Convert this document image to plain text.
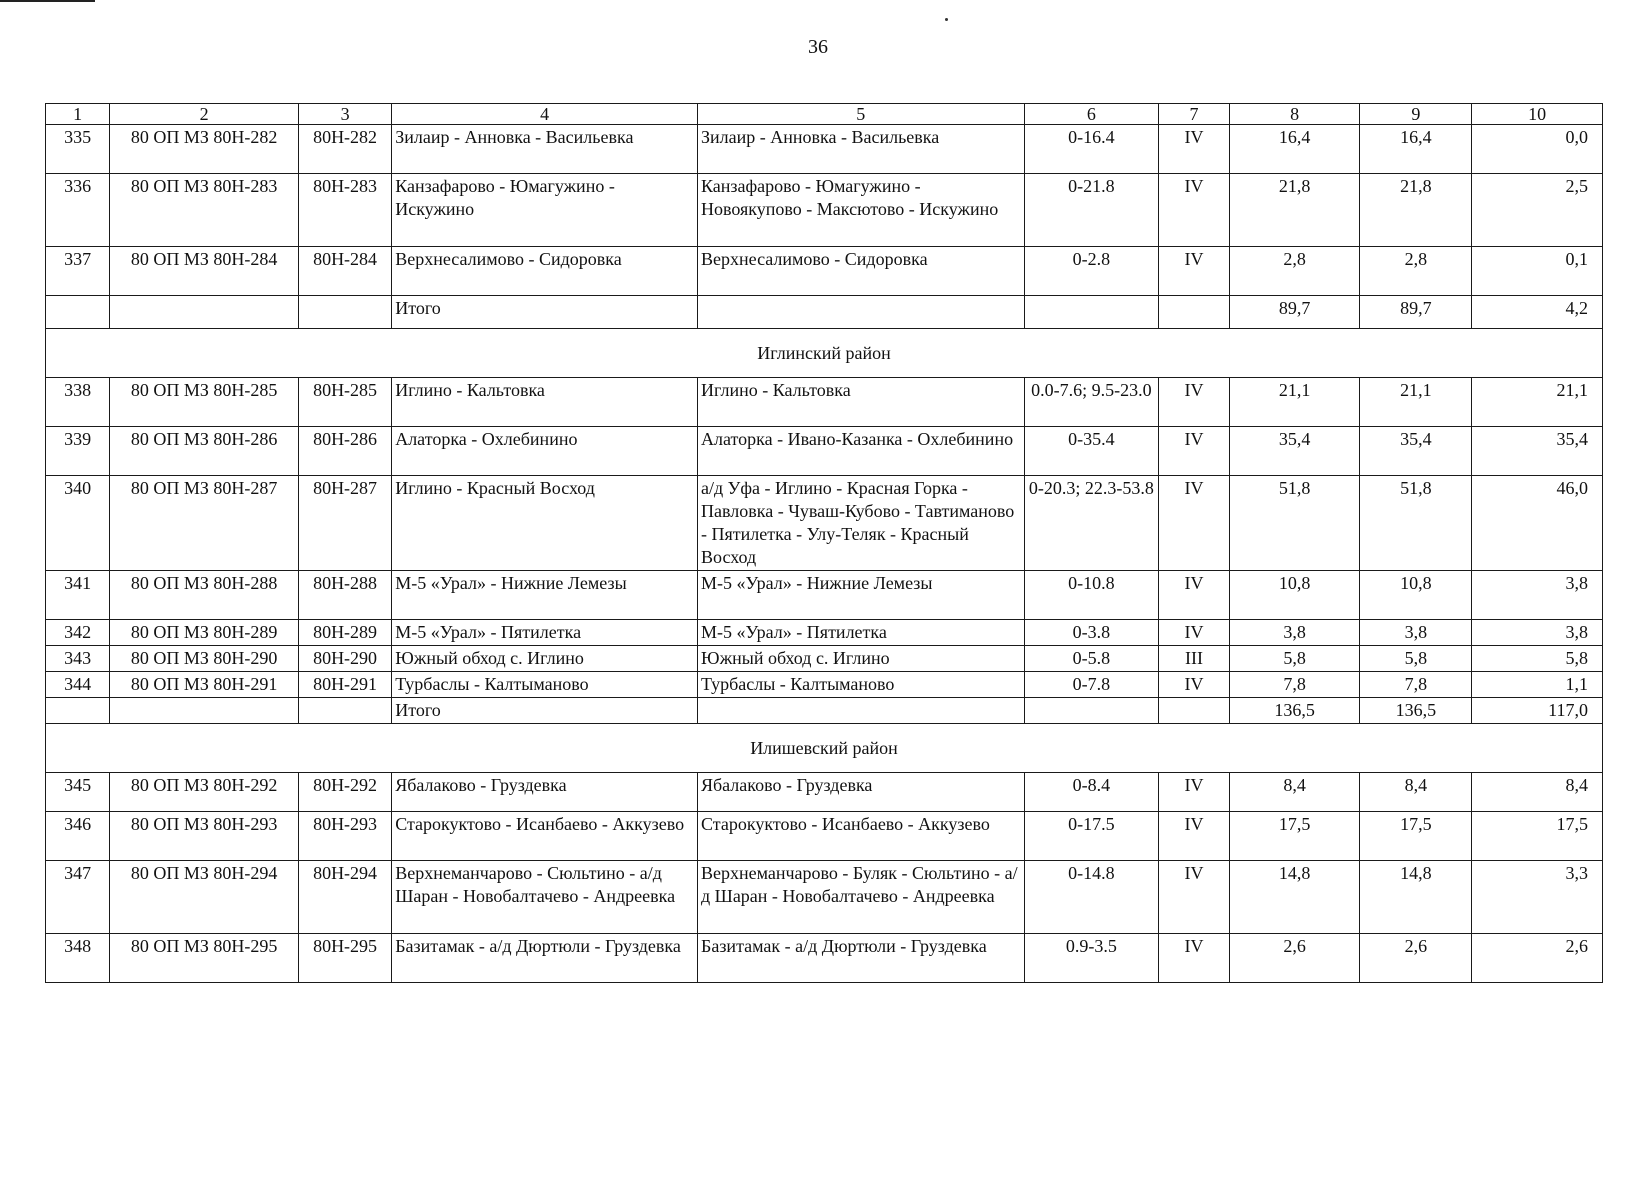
36
1	2	3	4	5	6	7	8	9	10
335	80 ОП МЗ 80Н-282	80Н-282	Зилаир - Анновка - Васильевка	Зилаир - Анновка - Васильевка	0-16.4	IV	16,4	16,4	0,0
336	80 ОП МЗ 80Н-283	80Н-283	Канзафарово - Юмагужино - Искужино	Канзафарово - Юмагужино - Новоякупово - Максютово - Искужино	0-21.8	IV	21,8	21,8	2,5
337	80 ОП МЗ 80Н-284	80Н-284	Верхнесалимово - Сидоровка	Верхнесалимово - Сидоровка	0-2.8	IV	2,8	2,8	0,1
			Итого				89,7	89,7	4,2
Иглинский район									
338	80 ОП МЗ 80Н-285	80Н-285	Иглино - Кальтовка	Иглино - Кальтовка	0.0-7.6; 9.5-23.0	IV	21,1	21,1	21,1
339	80 ОП МЗ 80Н-286	80Н-286	Алаторка - Охлебинино	Алаторка - Ивано-Казанка - Охлебинино	0-35.4	IV	35,4	35,4	35,4
340	80 ОП МЗ 80Н-287	80Н-287	Иглино - Красный Восход	а/д Уфа - Иглино - Красная Горка - Павловка - Чуваш-Кубово - Тавтиманово - Пятилетка - Улу-Теляк - Красный Восход	0-20.3; 22.3-53.8	IV	51,8	51,8	46,0
341	80 ОП МЗ 80Н-288	80Н-288	М-5 «Урал» - Нижние Лемезы	М-5 «Урал» - Нижние Лемезы	0-10.8	IV	10,8	10,8	3,8
342	80 ОП МЗ 80Н-289	80Н-289	М-5 «Урал» - Пятилетка	М-5 «Урал» - Пятилетка	0-3.8	IV	3,8	3,8	3,8
343	80 ОП МЗ 80Н-290	80Н-290	Южный обход с. Иглино	Южный обход с. Иглино	0-5.8	III	5,8	5,8	5,8
344	80 ОП МЗ 80Н-291	80Н-291	Турбаслы - Калтыманово	Турбаслы - Калтыманово	0-7.8	IV	7,8	7,8	1,1
			Итого				136,5	136,5	117,0
Илишевский район									
345	80 ОП МЗ 80Н-292	80Н-292	Ябалаково - Груздевка	Ябалаково - Груздевка	0-8.4	IV	8,4	8,4	8,4
346	80 ОП МЗ 80Н-293	80Н-293	Старокуктово - Исанбаево - Аккузево	Старокуктово - Исанбаево - Аккузево	0-17.5	IV	17,5	17,5	17,5
347	80 ОП МЗ 80Н-294	80Н-294	Верхнеманчарово - Сюльтино - а/д Шаран - Новобалтачево - Андреевка	Верхнеманчарово - Буляк - Сюльтино - а/д Шаран - Новобалтачево - Андреевка	0-14.8	IV	14,8	14,8	3,3
348	80 ОП МЗ 80Н-295	80Н-295	Базитамак - а/д Дюртюли - Груздевка	Базитамак - а/д Дюртюли - Груздевка	0.9-3.5	IV	2,6	2,6	2,6
